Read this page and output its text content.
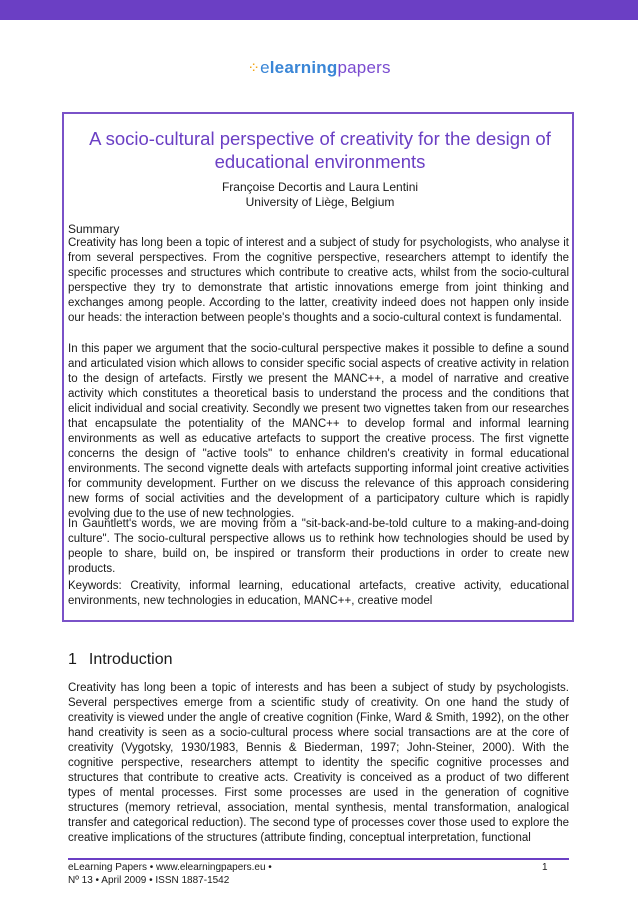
⁘elearningpapers
A socio-cultural perspective of creativity for the design of educational environments
Françoise Decortis and Laura Lentini
University of Liège, Belgium
Summary

Creativity has long been a topic of interest and a subject of study for psychologists, who analyse it from several perspectives. From the cognitive perspective, researchers attempt to identify the specific processes and structures which contribute to creative acts, whilst from the socio-cultural perspective they try to demonstrate that artistic innovations emerge from joint thinking and exchanges among people. According to the latter, creativity indeed does not happen only inside our heads: the interaction between people's thoughts and a socio-cultural context is fundamental.

In this paper we argument that the socio-cultural perspective makes it possible to define a sound and articulated vision which allows to consider specific social aspects of creative activity in relation to the design of artefacts. Firstly we present the MANC++, a model of narrative and creative activity which constitutes a theoretical basis to understand the process and the conditions that elicit individual and social creativity. Secondly we present two vignettes taken from our researches that encapsulate the potentiality of the MANC++ to develop formal and informal learning environments as well as educative artefacts to support the creative process. The first vignette concerns the design of "active tools" to enhance children's creativity in formal educational environments. The second vignette deals with artefacts supporting informal joint creative activities for community development. Further on we discuss the relevance of this approach considering new forms of social activities and the development of a participatory culture which is rapidly evolving due to the use of new technologies.

In Gauntlett's words, we are moving from a "sit-back-and-be-told culture to a making-and-doing culture". The socio-cultural perspective allows us to rethink how technologies should be used by people to share, build on, be inspired or transform their productions in order to create new products.

Keywords: Creativity, informal learning, educational artefacts, creative activity, educational environments, new technologies in education, MANC++, creative model

1 Introduction

Creativity has long been a topic of interests and has been a subject of study by psychologists. Several perspectives emerge from a scientific study of creativity. On one hand the study of creativity is viewed under the angle of creative cognition (Finke, Ward & Smith, 1992), on the other hand creativity is seen as a socio-cultural process where social transactions are at the core of creativity (Vygotsky, 1930/1983, Bennis & Biederman, 1997; John-Steiner, 2000). With the cognitive perspective, researchers attempt to identity the specific cognitive processes and structures that contribute to creative acts. Creativity is conceived as a product of two different types of mental processes. First some processes are used in the generation of cognitive structures (memory retrieval, association, mental synthesis, mental transformation, analogical transfer and categorical reduction). The second type of processes cover those used to explore the creative implications of the structures (attribute finding, conceptual interpretation, functional

eLearning Papers • www.elearningpapers.eu •
Nº 13 • April 2009 • ISSN 1887-1542
1
